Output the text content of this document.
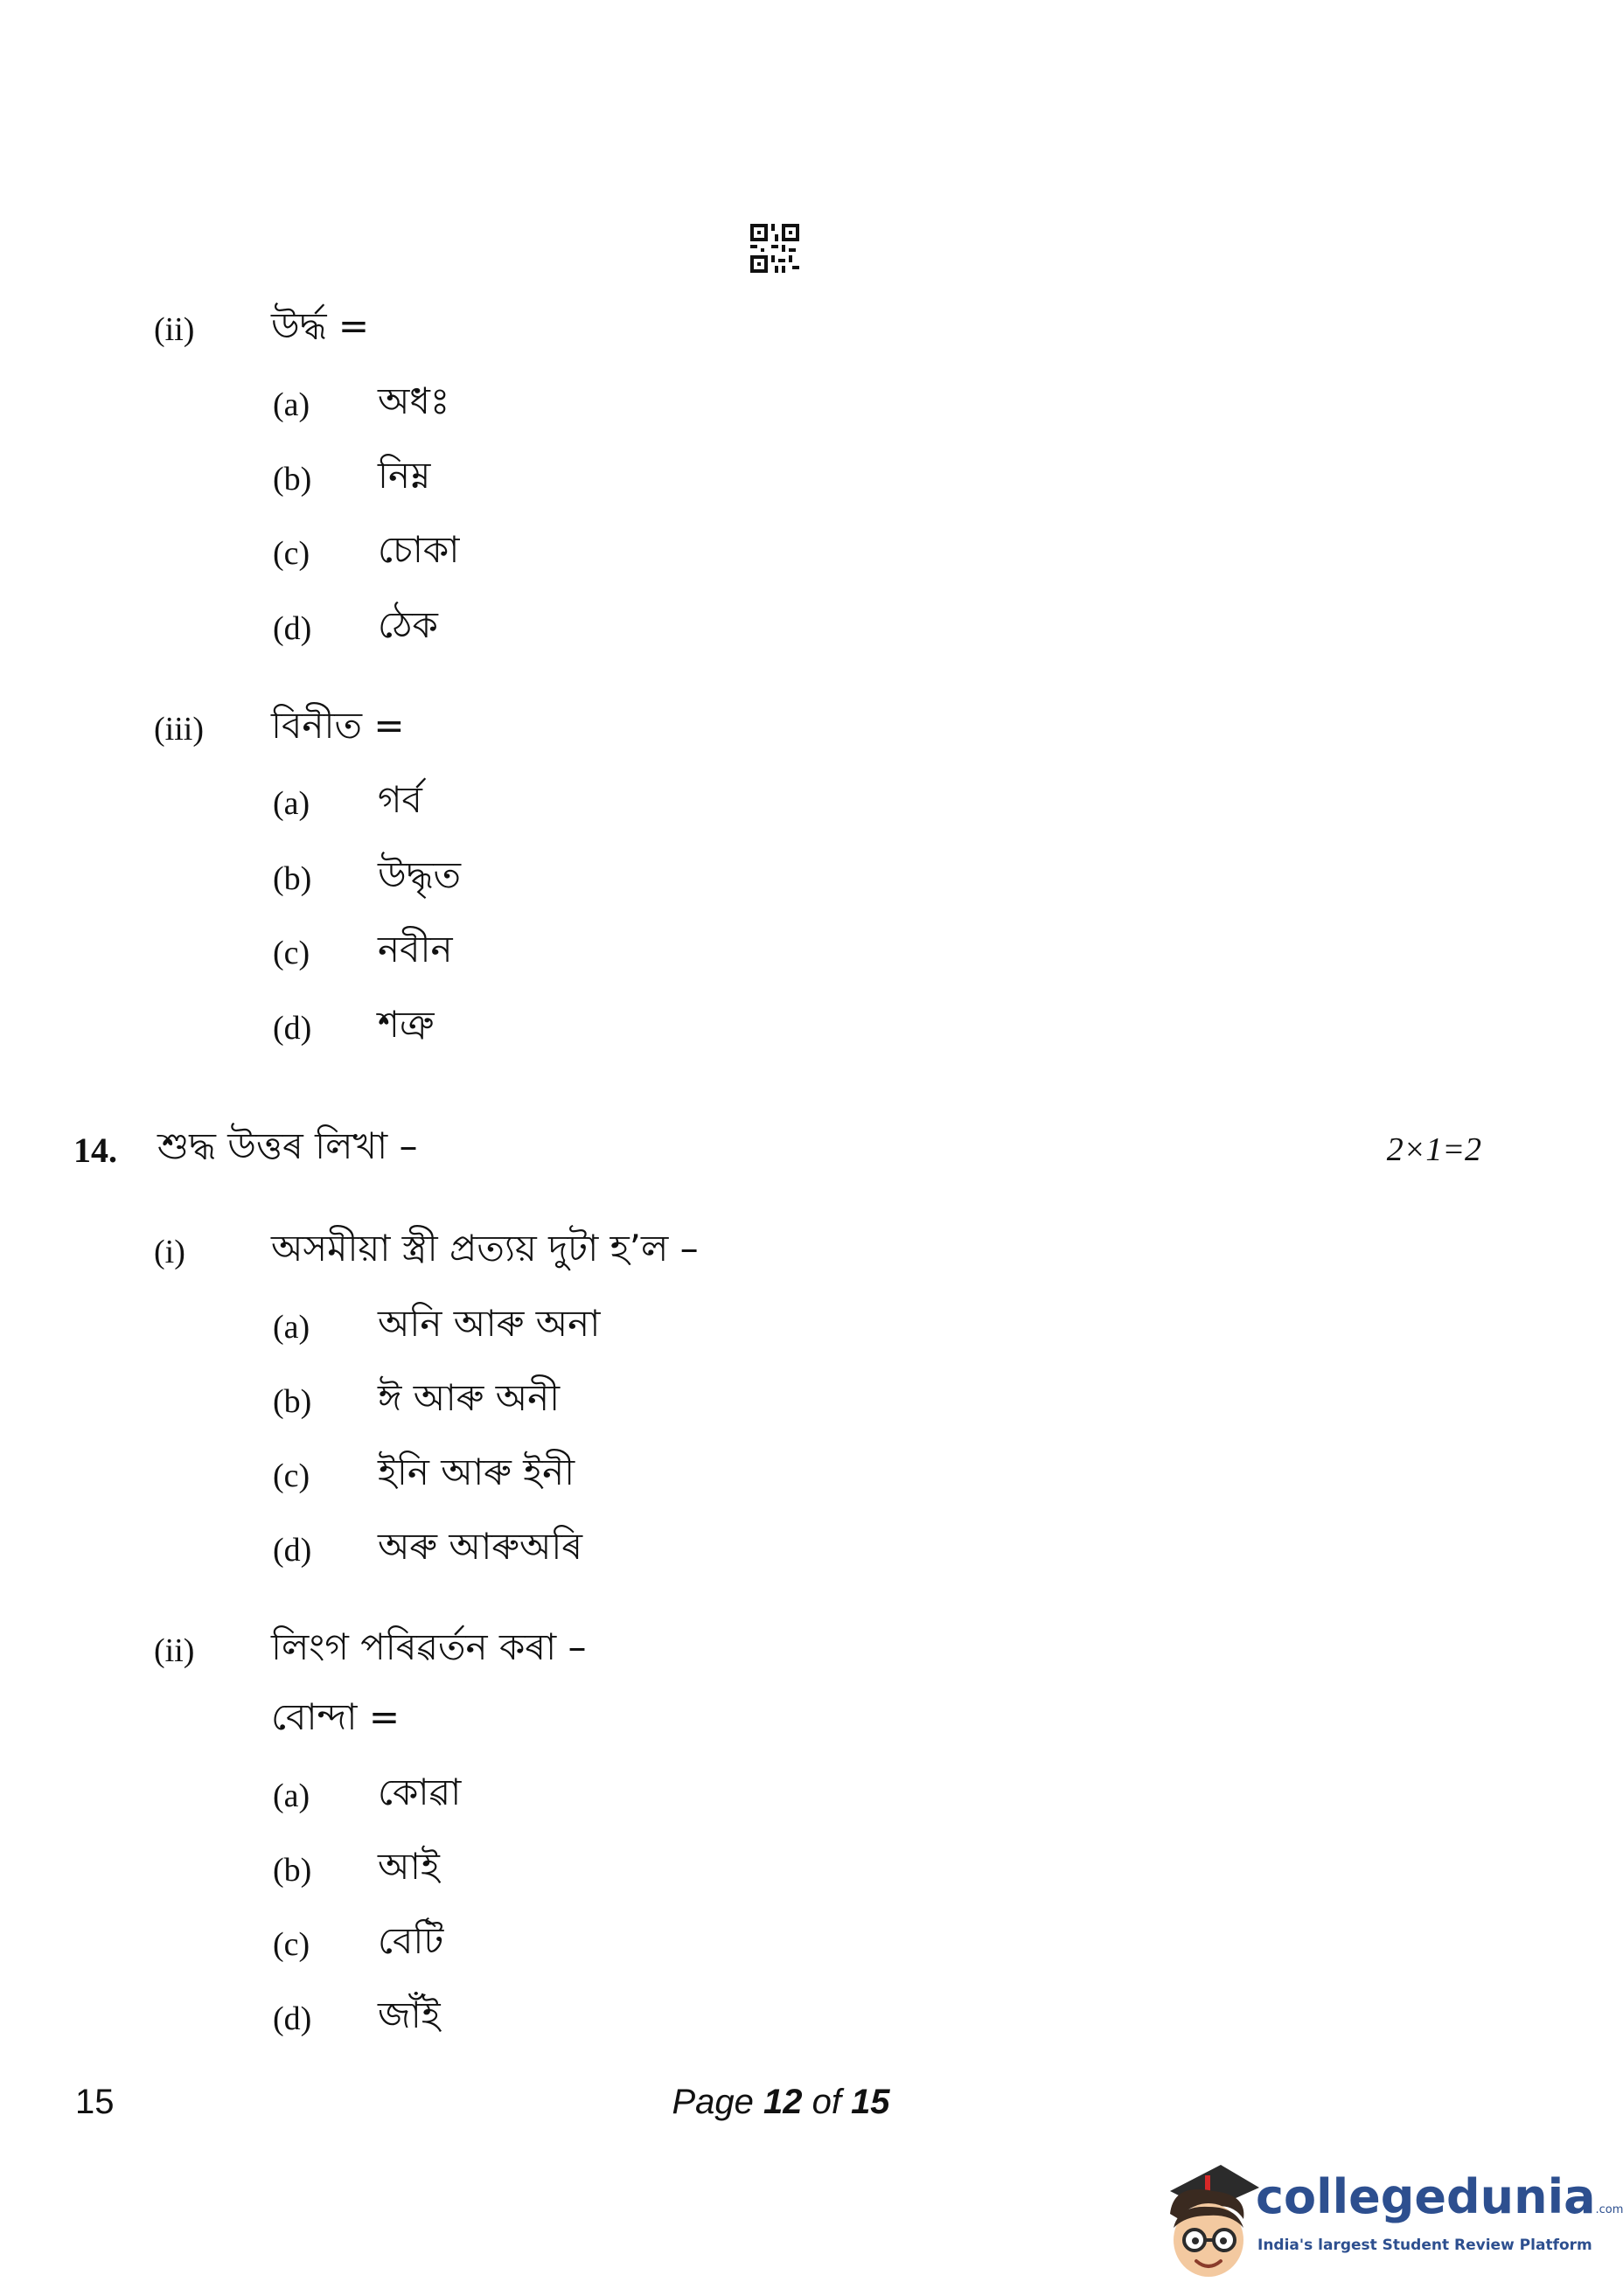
(ii) উৰ্দ্ধ =
(a) অধঃ
(b) নিম্ন
(c) চোকা
(d) ঠেক
(iii) বিনীত =
(a) গৰ্ব
(b) উদ্ধৃত
(c) নবীন
(d) শত্ৰু
14. শুদ্ধ উত্তৰ লিখা –	2×1=2
(i) অসমীয়া স্ত্ৰী প্ৰত্যয় দুটা হ’ল –
(a) অনি আৰু অনা
(b) ঈ আৰু অনী
(c) ইনি আৰু ইনী
(d) অৰু আৰুঅৰি
(ii) লিংগ পৰিৱৰ্তন কৰা –
বোন্দা =
(a) কোৱা
(b) আই
(c) বেটি
(d) জাঁই
15	Page 12 of 15
collegedunia.com
India's largest Student Review Platform
